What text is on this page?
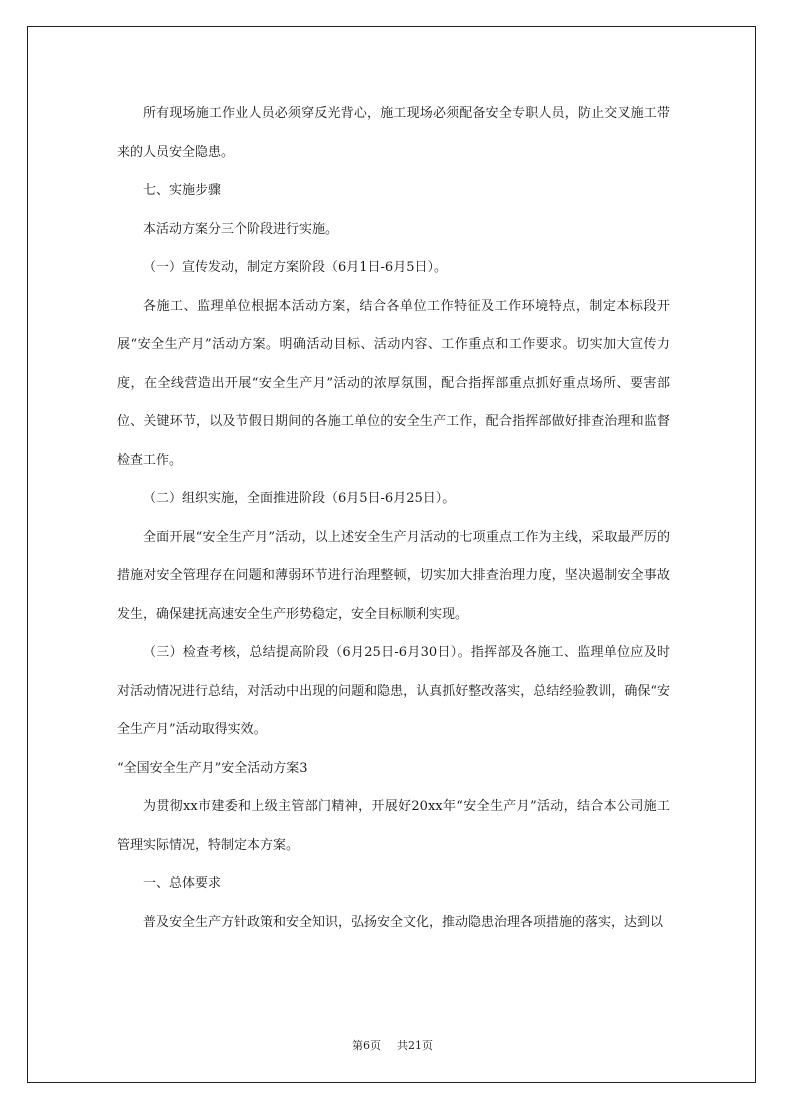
所有现场施工作业人员必须穿反光背心，施工现场必须配备安全专职人员，防止交叉施工带来的人员安全隐患。

七、实施步骤

本活动方案分三个阶段进行实施。

（一）宣传发动，制定方案阶段（6月1日-6月5日）。

各施工、监理单位根据本活动方案，结合各单位工作特征及工作环境特点，制定本标段开展“安全生产月”活动方案。明确活动目标、活动内容、工作重点和工作要求。切实加大宣传力度，在全线营造出开展“安全生产月”活动的浓厚氛围，配合指挥部重点抓好重点场所、要害部位、关键环节，以及节假日期间的各施工单位的安全生产工作，配合指挥部做好排查治理和监督检查工作。

（二）组织实施，全面推进阶段（6月5日-6月25日）。

全面开展“安全生产月”活动，以上述安全生产月活动的七项重点工作为主线，采取最严厉的措施对安全管理存在问题和薄弱环节进行治理整顿，切实加大排查治理力度，坚决遏制安全事故发生，确保建抚高速安全生产形势稳定，安全目标顺利实现。

（三）检查考核，总结提高阶段（6月25日-6月30日）。指挥部及各施工、监理单位应及时对活动情况进行总结，对活动中出现的问题和隐患，认真抓好整改落实，总结经验教训，确保“安全生产月”活动取得实效。

“全国安全生产月”安全活动方案3

为贯彻xx市建委和上级主管部门精神，开展好20xx年“安全生产月”活动，结合本公司施工管理实际情况，特制定本方案。

一、总体要求

普及安全生产方针政策和安全知识，弘扬安全文化，推动隐患治理各项措施的落实，达到以

第6页 共21页
